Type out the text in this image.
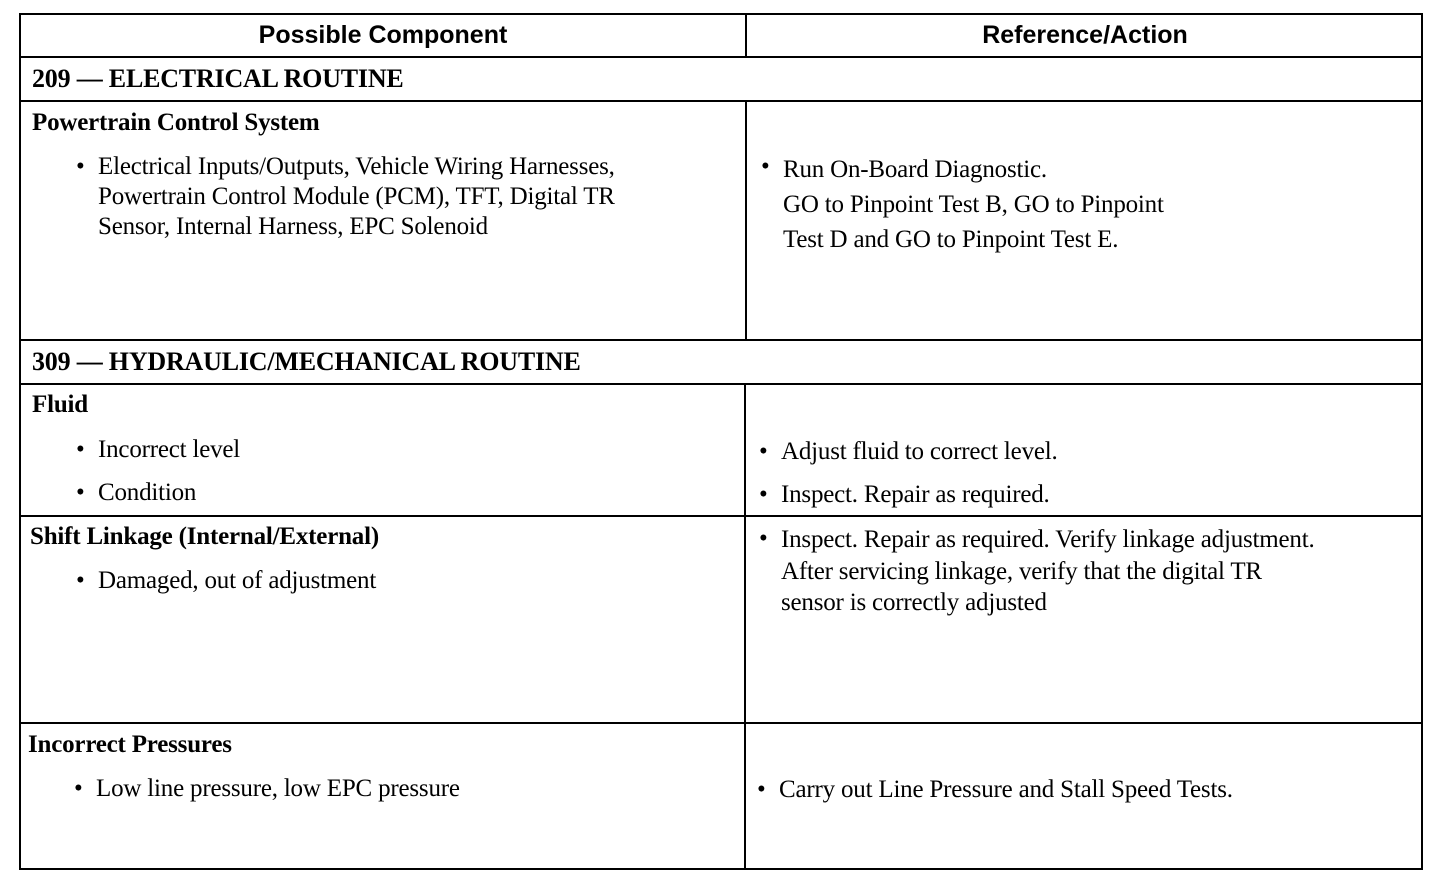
Possible Component	Reference/Action
209 — ELECTRICAL ROUTINE
Powertrain Control System
• Electrical Inputs/Outputs, Vehicle Wiring Harnesses,
Powertrain Control Module (PCM), TFT, Digital TR
Sensor, Internal Harness, EPC Solenoid
• Run On-Board Diagnostic.
GO to Pinpoint Test B, GO to Pinpoint
Test D and GO to Pinpoint Test E.
309 — HYDRAULIC/MECHANICAL ROUTINE
Fluid
• Incorrect level
• Condition
• Adjust fluid to correct level.
• Inspect. Repair as required.
Shift Linkage (Internal/External)
• Damaged, out of adjustment
• Inspect. Repair as required. Verify linkage adjustment.
After servicing linkage, verify that the digital TR
sensor is correctly adjusted
Incorrect Pressures
• Low line pressure, low EPC pressure	• Carry out Line Pressure and Stall Speed Tests.
